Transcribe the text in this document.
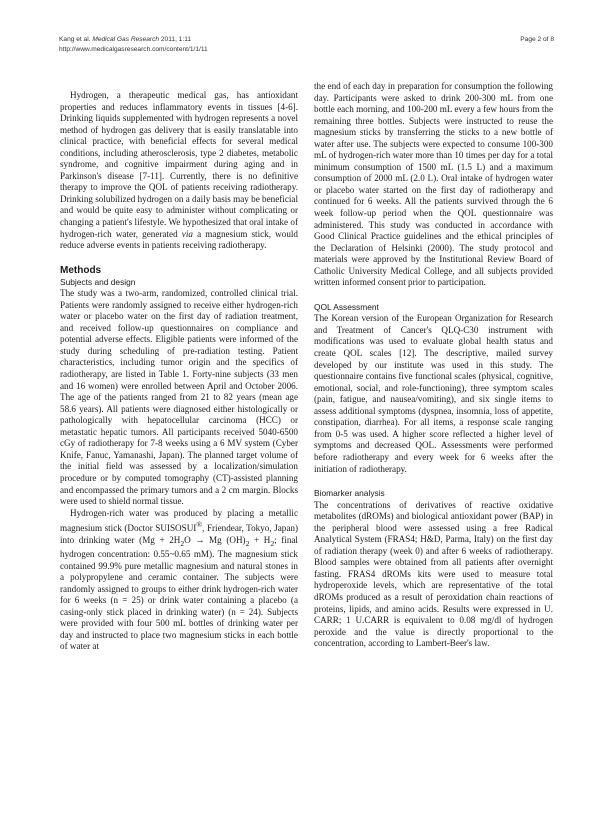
Kang et al. Medical Gas Research 2011, 1:11
http://www.medicalgasresearch.com/content/1/1/11
Page 2 of 8

Hydrogen, a therapeutic medical gas, has antioxidant properties and reduces inflammatory events in tissues [4-6]. Drinking liquids supplemented with hydrogen represents a novel method of hydrogen gas delivery that is easily translatable into clinical practice, with beneficial effects for several medical conditions, including atherosclerosis, type 2 diabetes, metabolic syndrome, and cognitive impairment during aging and in Parkinson's disease [7-11]. Currently, there is no definitive therapy to improve the QOL of patients receiving radiotherapy. Drinking solubilized hydrogen on a daily basis may be beneficial and would be quite easy to administer without complicating or changing a patient's lifestyle. We hypothesized that oral intake of hydrogen-rich water, generated via a magnesium stick, would reduce adverse events in patients receiving radiotherapy.

Methods
Subjects and design

The study was a two-arm, randomized, controlled clinical trial. Patients were randomly assigned to receive either hydrogen-rich water or placebo water on the first day of radiation treatment, and received follow-up questionnaires on compliance and potential adverse effects. Eligible patients were informed of the study during scheduling of pre-radiation testing. Patient characteristics, including tumor origin and the specifics of radiotherapy, are listed in Table 1. Forty-nine subjects (33 men and 16 women) were enrolled between April and October 2006. The age of the patients ranged from 21 to 82 years (mean age 58.6 years). All patients were diagnosed either histologically or pathologically with hepatocellular carcinoma (HCC) or metastatic hepatic tumors. All participants received 5040-6500 cGy of radiotherapy for 7-8 weeks using a 6 MV system (Cyber Knife, Fanuc, Yamanashi, Japan). The planned target volume of the initial field was assessed by a localization/simulation procedure or by computed tomography (CT)-assisted planning and encompassed the primary tumors and a 2 cm margin. Blocks were used to shield normal tissue.

Hydrogen-rich water was produced by placing a metallic magnesium stick (Doctor SUISOSUI®, Friendear, Tokyo, Japan) into drinking water ($Mg + 2H_2O \to Mg$ $(OH)_2 + H_2$; final hydrogen concentration: 0.55~0.65 mM). The magnesium stick contained 99.9% pure metallic magnesium and natural stones in a polypropylene and ceramic container. The subjects were randomly assigned to groups to either drink hydrogen-rich water for 6 weeks (n = 25) or drink water containing a placebo (a casing-only stick placed in drinking water) (n = 24). Subjects were provided with four 500 mL bottles of drinking water per day and instructed to place two magnesium sticks in each bottle of water at

the end of each day in preparation for consumption the following day. Participants were asked to drink 200-300 mL from one bottle each morning, and 100-200 mL every a few hours from the remaining three bottles. Subjects were instructed to reuse the magnesium sticks by transferring the sticks to a new bottle of water after use. The subjects were expected to consume 100-300 mL of hydrogen-rich water more than 10 times per day for a total minimum consumption of 1500 mL (1.5 L) and a maximum consumption of 2000 mL (2.0 L). Oral intake of hydrogen water or placebo water started on the first day of radiotherapy and continued for 6 weeks. All the patients survived through the 6 week follow-up period when the QOL questionnaire was administered. This study was conducted in accordance with Good Clinical Practice guidelines and the ethical principles of the Declaration of Helsinki (2000). The study protocol and materials were approved by the Institutional Review Board of Catholic University Medical College, and all subjects provided written informed consent prior to participation.

QOL Assessment

The Korean version of the European Organization for Research and Treatment of Cancer's QLQ-C30 instrument with modifications was used to evaluate global health status and create QOL scales [12]. The descriptive, mailed survey developed by our institute was used in this study. The questionnaire contains five functional scales (physical, cognitive, emotional, social, and role-functioning), three symptom scales (pain, fatigue, and nausea/vomiting), and six single items to assess additional symptoms (dyspnea, insomnia, loss of appetite, constipation, diarrhea). For all items, a response scale ranging from 0-5 was used. A higher score reflected a higher level of symptoms and decreased QOL. Assessments were performed before radiotherapy and every week for 6 weeks after the initiation of radiotherapy.

Biomarker analysis

The concentrations of derivatives of reactive oxidative metabolites (dROMs) and biological antioxidant power (BAP) in the peripheral blood were assessed using a free Radical Analytical System (FRAS4; H&D, Parma, Italy) on the first day of radiation therapy (week 0) and after 6 weeks of radiotherapy. Blood samples were obtained from all patients after overnight fasting. FRAS4 dROMs kits were used to measure total hydroperoxide levels, which are representative of the total dROMs produced as a result of peroxidation chain reactions of proteins, lipids, and amino acids. Results were expressed in U. CARR; 1 U.CARR is equivalent to 0.08 mg/dl of hydrogen peroxide and the value is directly proportional to the concentration, according to Lambert-Beer's law.
